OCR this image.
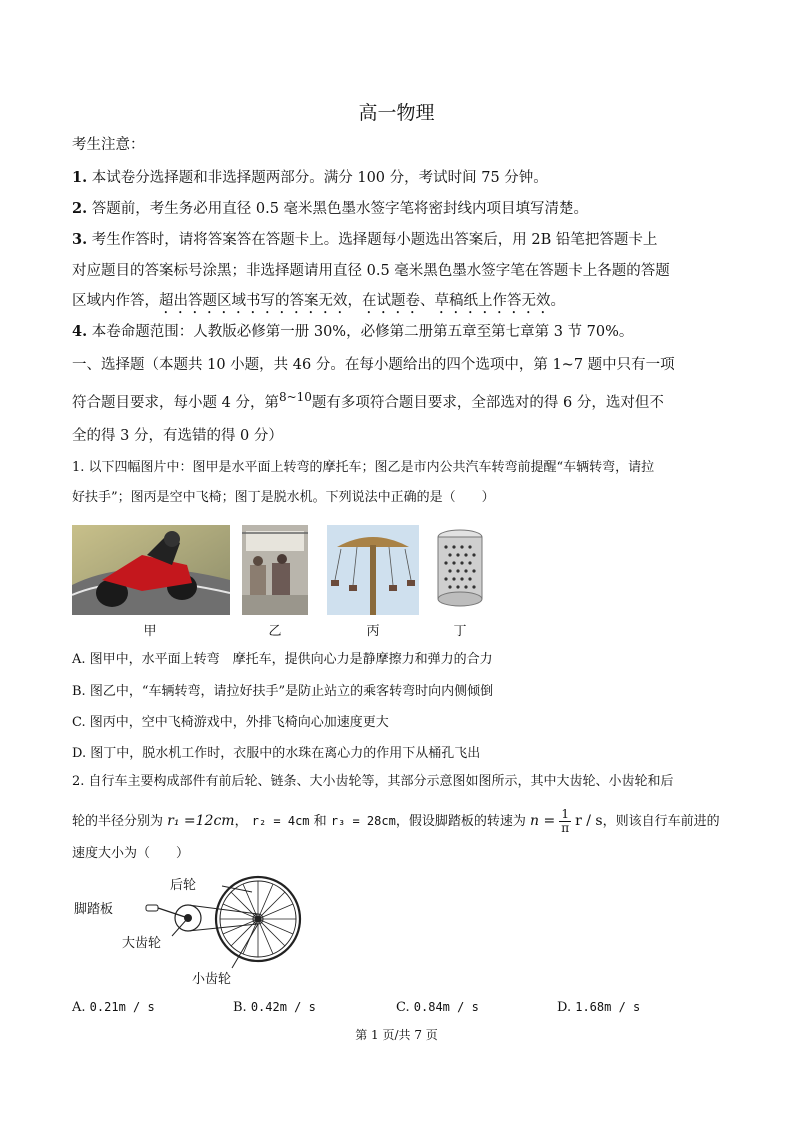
高一物理
考生注意：
1. 本试卷分选择题和非选择题两部分。满分 100 分，考试时间 75 分钟。
2. 答题前，考生务必用直径 0.5 毫米黑色墨水签字笔将密封线内项目填写清楚。
3. 考生作答时，请将答案答在答题卡上。选择题每小题选出答案后，用 2B 铅笔把答题卡上
对应题目的答案标号涂黑；非选择题请用直径 0.5 毫米黑色墨水签字笔在答题卡上各题的答题
区域内作答，超出答题区域书写的答案无效，在试题卷、草稿纸上作答无效。
4. 本卷命题范围：人教版必修第一册 30%，必修第二册第五章至第七章第 3 节 70%。
一、选择题（本题共 10 小题，共 46 分。在每小题给出的四个选项中，第 1~7 题中只有一项
符合题目要求，每小题 4 分，第$^{8\sim 10}$题有多项符合题目要求，全部选对的得 6 分，选对但不
全的得 3 分，有选错的得 0 分）
1. 以下四幅图片中：图甲是水平面上转弯的摩托车；图乙是市内公共汽车转弯前提醒“车辆转弯，请拉
好扶手”；图丙是空中飞椅；图丁是脱水机。下列说法中正确的是（　　）
甲	乙	丙	丁
A. 图甲中，水平面上转弯　摩托车，提供向心力是静摩擦力和弹力的合力
B. 图乙中，“车辆转弯，请拉好扶手”是防止站立的乘客转弯时向内侧倾倒
C. 图丙中，空中飞椅游戏中，外排飞椅向心加速度更大
D. 图丁中，脱水机工作时，衣服中的水珠在离心力的作用下从桶孔飞出
2. 自行车主要构成部件有前后轮、链条、大小齿轮等，其部分示意图如图所示，其中大齿轮、小齿轮和后
轮的半径分别为 r₁ =12cm， r₂ = 4cm 和 r₃ = 28cm，假设脚踏板的转速为 $n = \frac{1}{\pi}$ r / s，则该自行车前进的
速度大小为（　　）
后轮
脚踏板
大齿轮
小齿轮
A. 0.21m / s	B. 0.42m / s	C. 0.84m / s	D. 1.68m / s
第 1 页/共 7 页
